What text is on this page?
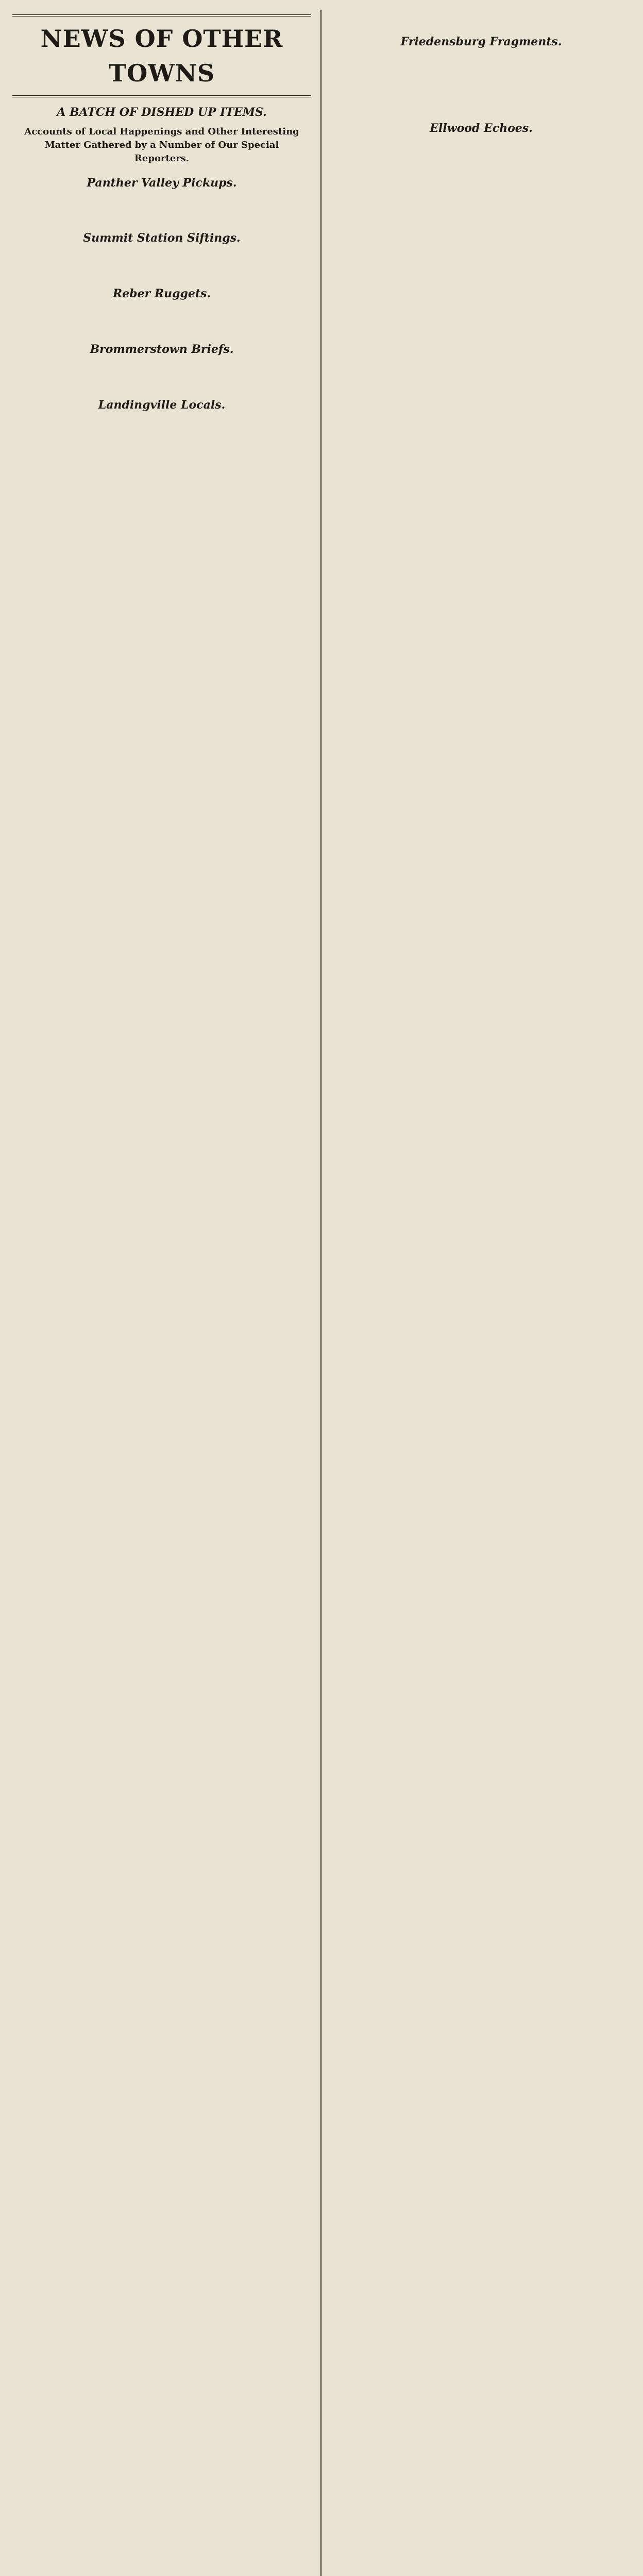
NEWS OF OTHER TOWNS
A BATCH OF DISHED UP ITEMS.
Accounts of Local Happenings and Other Interesting Matter Gathered by a Number of Our Special Reporters.
Panther Valley Pickups.

Summit Station Siftings.

Reber Ruggets.

Brommerstown Briefs.

Landingville Locals.

Friedensburg Fragments.

Ellwood Echoes.
